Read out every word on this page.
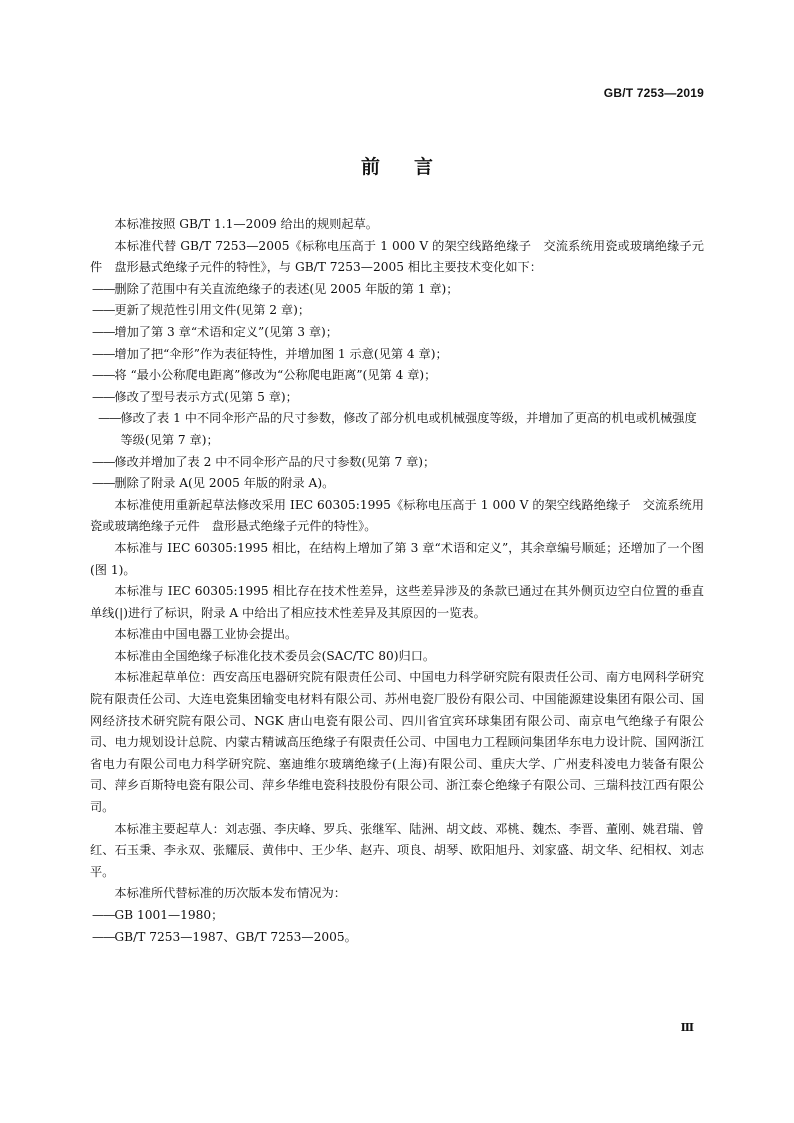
GB/T 7253—2019
前言

本标准按照 GB/T 1.1—2009 给出的规则起草。

本标准代替 GB/T 7253—2005《标称电压高于 1 000 V 的架空线路绝缘子　交流系统用瓷或玻璃绝缘子元件　盘形悬式绝缘子元件的特性》，与 GB/T 7253—2005 相比主要技术变化如下：

——删除了范围中有关直流绝缘子的表述(见 2005 年版的第 1 章)；

——更新了规范性引用文件(见第 2 章)；

——增加了第 3 章“术语和定义”(见第 3 章)；

——增加了把“伞形”作为表征特性，并增加图 1 示意(见第 4 章)；

——将 “最小公称爬电距离”修改为“公称爬电距离”(见第 4 章)；

——修改了型号表示方式(见第 5 章)；

——修改了表 1 中不同伞形产品的尺寸参数，修改了部分机电或机械强度等级，并增加了更高的机电或机械强度等级(见第 7 章)；

——修改并增加了表 2 中不同伞形产品的尺寸参数(见第 7 章)；

——删除了附录 A(见 2005 年版的附录 A)。

本标准使用重新起草法修改采用 IEC 60305:1995《标称电压高于 1 000 V 的架空线路绝缘子　交流系统用瓷或玻璃绝缘子元件　盘形悬式绝缘子元件的特性》。

本标准与 IEC 60305:1995 相比，在结构上增加了第 3 章“术语和定义”，其余章编号顺延；还增加了一个图(图 1)。

本标准与 IEC 60305:1995 相比存在技术性差异，这些差异涉及的条款已通过在其外侧页边空白位置的垂直单线(|)进行了标识，附录 A 中给出了相应技术性差异及其原因的一览表。

本标准由中国电器工业协会提出。

本标准由全国绝缘子标准化技术委员会(SAC/TC 80)归口。

本标准起草单位：西安高压电器研究院有限责任公司、中国电力科学研究院有限责任公司、南方电网科学研究院有限责任公司、大连电瓷集团输变电材料有限公司、苏州电瓷厂股份有限公司、中国能源建设集团有限公司、国网经济技术研究院有限公司、NGK 唐山电瓷有限公司、四川省宜宾环球集团有限公司、南京电气绝缘子有限公司、电力规划设计总院、内蒙古精诚高压绝缘子有限责任公司、中国电力工程顾问集团华东电力设计院、国网浙江省电力有限公司电力科学研究院、塞迪维尔玻璃绝缘子(上海)有限公司、重庆大学、广州麦科凌电力装备有限公司、萍乡百斯特电瓷有限公司、萍乡华维电瓷科技股份有限公司、浙江泰仑绝缘子有限公司、三瑞科技江西有限公司。

本标准主要起草人：刘志强、李庆峰、罗兵、张继军、陆洲、胡文歧、邓桃、魏杰、李晋、董刚、姚君瑞、曾红、石玉秉、李永双、张耀辰、黄伟中、王少华、赵卉、项良、胡琴、欧阳旭丹、刘家盛、胡文华、纪相权、刘志平。

本标准所代替标准的历次版本发布情况为：

——GB 1001—1980；

——GB/T 7253—1987、GB/T 7253—2005。

Ⅲ
